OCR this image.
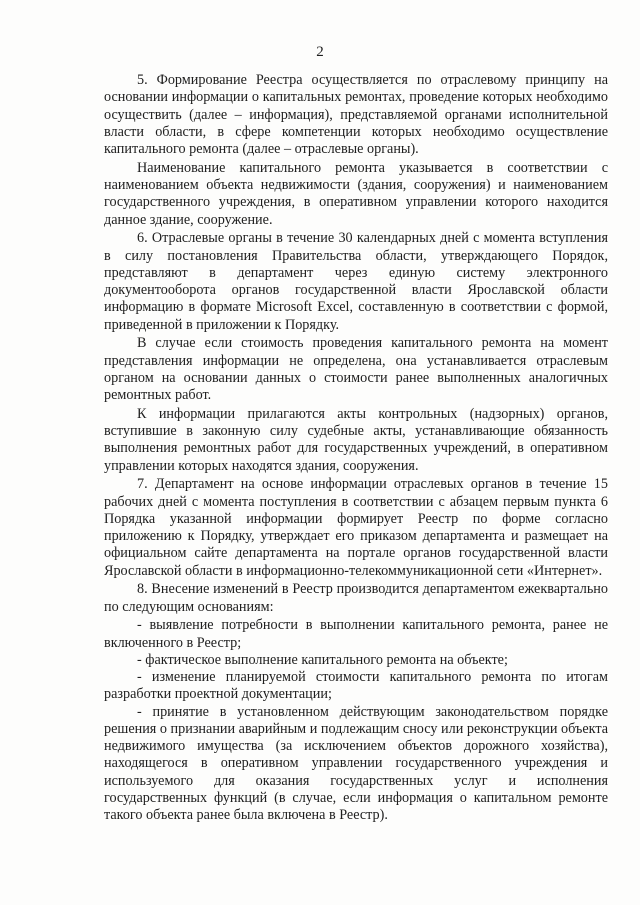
2

5. Формирование Реестра осуществляется по отраслевому принципу на основании информации о капитальных ремонтах, проведение которых необходимо осуществить (далее – информация), представляемой органами исполнительной власти области, в сфере компетенции которых необходимо осуществление капитального ремонта (далее – отраслевые органы).

Наименование капитального ремонта указывается в соответствии с наименованием объекта недвижимости (здания, сооружения) и наименованием государственного учреждения, в оперативном управлении которого находится данное здание, сооружение.

6. Отраслевые органы в течение 30 календарных дней с момента вступления в силу постановления Правительства области, утверждающего Порядок, представляют в департамент через единую систему электронного документооборота органов государственной власти Ярославской области информацию в формате Microsoft Excel, составленную в соответствии с формой, приведенной в приложении к Порядку.

В случае если стоимость проведения капитального ремонта на момент представления информации не определена, она устанавливается отраслевым органом на основании данных о стоимости ранее выполненных аналогичных ремонтных работ.

К информации прилагаются акты контрольных (надзорных) органов, вступившие в законную силу судебные акты, устанавливающие обязанность выполнения ремонтных работ для государственных учреждений, в оперативном управлении которых находятся здания, сооружения.

7. Департамент на основе информации отраслевых органов в течение 15 рабочих дней с момента поступления в соответствии с абзацем первым пункта 6 Порядка указанной информации формирует Реестр по форме согласно приложению к Порядку, утверждает его приказом департамента и размещает на официальном сайте департамента на портале органов государственной власти Ярославской области в информационно-телекоммуникационной сети «Интернет».

8. Внесение изменений в Реестр производится департаментом ежеквартально по следующим основаниям:

- выявление потребности в выполнении капитального ремонта, ранее не включенного в Реестр;

- фактическое выполнение капитального ремонта на объекте;

- изменение планируемой стоимости капитального ремонта по итогам разработки проектной документации;

- принятие в установленном действующим законодательством порядке решения о признании аварийным и подлежащим сносу или реконструкции объекта недвижимого имущества (за исключением объектов дорожного хозяйства), находящегося в оперативном управлении государственного учреждения и используемого для оказания государственных услуг и исполнения государственных функций (в случае, если информация о капитальном ремонте такого объекта ранее была включена в Реестр).
